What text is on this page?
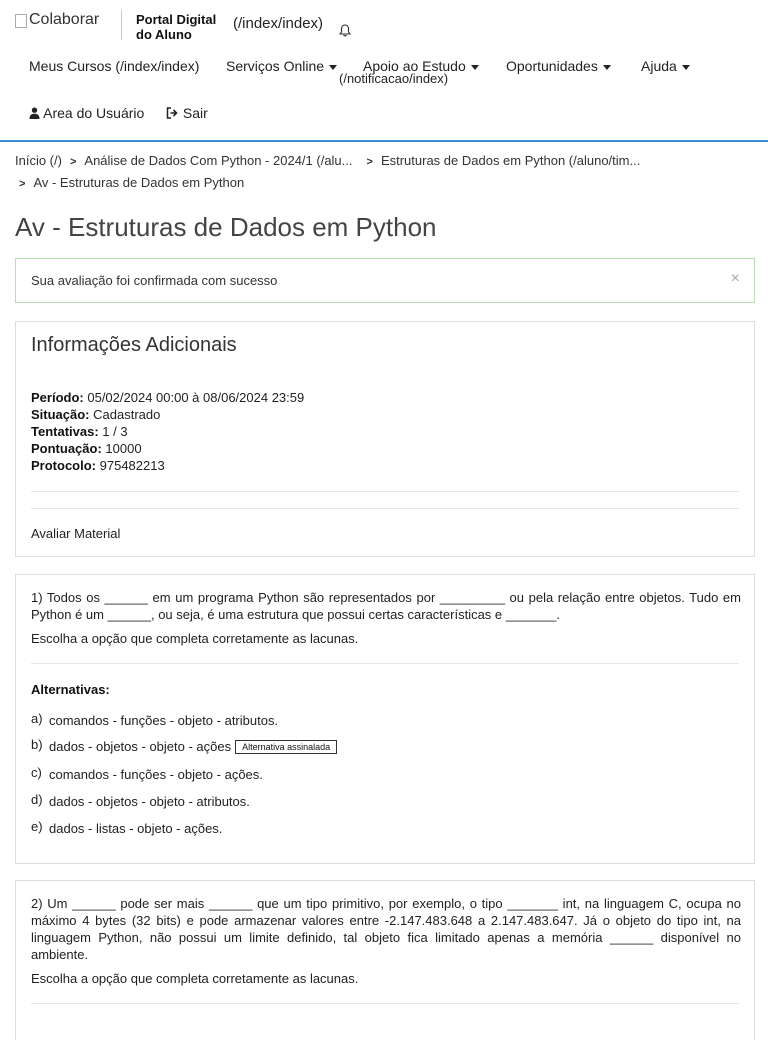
Colaborar	Portal Digital
do Aluno
(/index/index)
Meus Cursos (/index/index) Serviços Online	Apoio ao Estudo	Oportunidades	Ajuda
(/notificacao/index)
Area do Usuário	Sair
Início (/) > Análise de Dados Com Python - 2024/1 (/alu... > Estruturas de Dados em Python (/aluno/tim...
> Av - Estruturas de Dados em Python
Av - Estruturas de Dados em Python
Sua avaliação foi confirmada com sucesso	×
Informações Adicionais
Período: 05/02/2024 00:00 à 08/06/2024 23:59
Situação: Cadastrado
Tentativas: 1 / 3
Pontuação: 10000
Protocolo: 975482213
Avaliar Material
1) Todos os ______ em um programa Python são representados por _________ ou pela relação entre objetos. Tudo em Python é um ______, ou seja, é uma estrutura que possui certas características e _______.
Escolha a opção que completa corretamente as lacunas.
Alternativas:
a) comandos - funções - objeto - atributos.
b) dados - objetos - objeto - ações Alternativa assinalada
c) comandos - funções - objeto - ações.
d) dados - objetos - objeto - atributos.
e) dados - listas - objeto - ações.
2) Um ______ pode ser mais ______ que um tipo primitivo, por exemplo, o tipo _______ int, na linguagem C, ocupa no máximo 4 bytes (32 bits) e pode armazenar valores entre -2.147.483.648 a 2.147.483.647. Já o objeto do tipo int, na linguagem Python, não possui um limite definido, tal objeto fica limitado apenas a memória ______ disponível no ambiente.
Escolha a opção que completa corretamente as lacunas.
